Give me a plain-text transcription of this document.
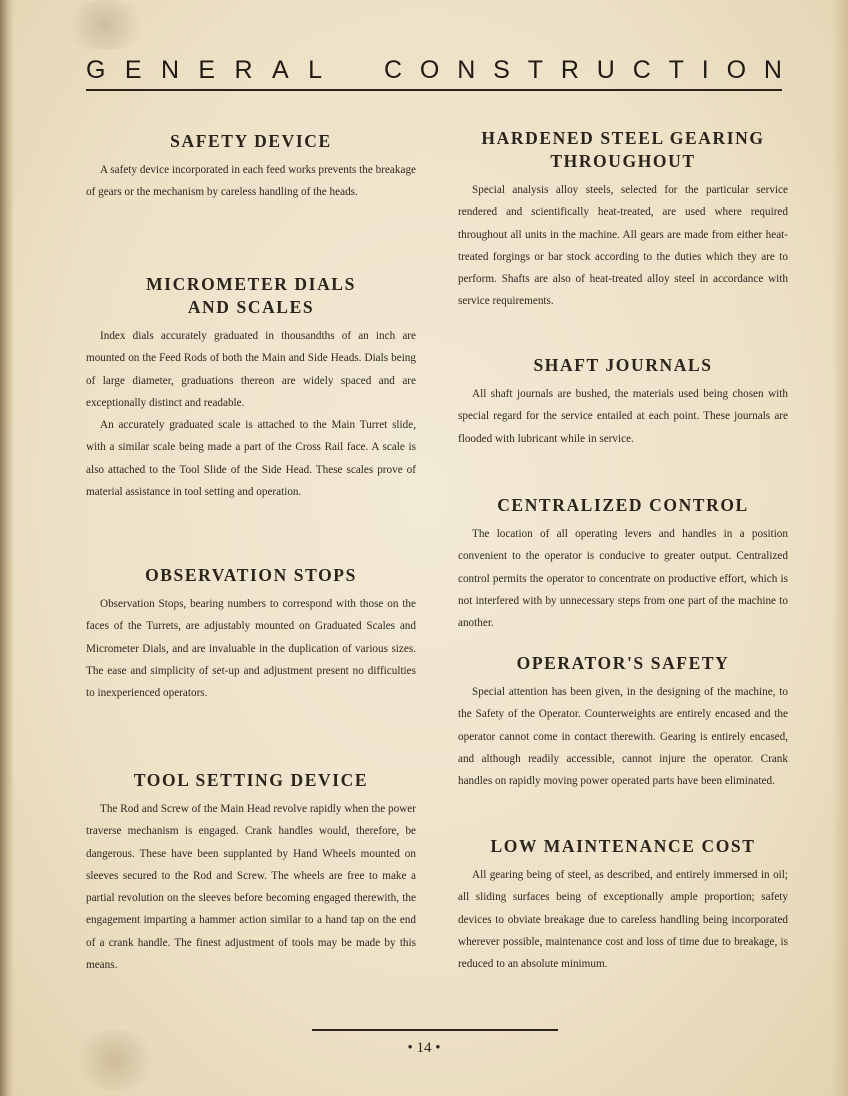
G E N E R A L C O N S T R U C T I O N
SAFETY DEVICE

A safety device incorporated in each feed works prevents the breakage of gears or the mechanism by careless handling of the heads.

MICROMETER DIALS
AND SCALES

Index dials accurately graduated in thousandths of an inch are mounted on the Feed Rods of both the Main and Side Heads. Dials being of large diameter, graduations thereon are widely spaced and are exceptionally distinct and readable.

An accurately graduated scale is attached to the Main Turret slide, with a similar scale being made a part of the Cross Rail face. A scale is also attached to the Tool Slide of the Side Head. These scales prove of material assistance in tool setting and operation.

OBSERVATION STOPS

Observation Stops, bearing numbers to correspond with those on the faces of the Turrets, are adjustably mounted on Graduated Scales and Micrometer Dials, and are invaluable in the duplication of various sizes. The ease and simplicity of set-up and adjustment present no difficulties to inexperienced operators.

TOOL SETTING DEVICE

The Rod and Screw of the Main Head revolve rapidly when the power traverse mechanism is engaged. Crank handles would, therefore, be dangerous. These have been supplanted by Hand Wheels mounted on sleeves secured to the Rod and Screw. The wheels are free to make a partial revolution on the sleeves before becoming engaged therewith, the engagement imparting a hammer action similar to a hand tap on the end of a crank handle. The finest adjustment of tools may be made by this means.

HARDENED STEEL GEARING
THROUGHOUT

Special analysis alloy steels, selected for the particular service rendered and scientifically heat-treated, are used where required throughout all units in the machine. All gears are made from either heat-treated forgings or bar stock according to the duties which they are to perform. Shafts are also of heat-treated alloy steel in accordance with service requirements.

SHAFT JOURNALS

All shaft journals are bushed, the materials used being chosen with special regard for the service entailed at each point. These journals are flooded with lubricant while in service.

CENTRALIZED CONTROL

The location of all operating levers and handles in a position convenient to the operator is conducive to greater output. Centralized control permits the operator to concentrate on productive effort, which is not interfered with by unnecessary steps from one part of the machine to another.

OPERATOR'S SAFETY

Special attention has been given, in the designing of the machine, to the Safety of the Operator. Counterweights are entirely encased and the operator cannot come in contact therewith. Gearing is entirely encased, and although readily accessible, cannot injure the operator. Crank handles on rapidly moving power operated parts have been eliminated.

LOW MAINTENANCE COST

All gearing being of steel, as described, and entirely immersed in oil; all sliding surfaces being of exceptionally ample proportion; safety devices to obviate breakage due to careless handling being incorporated wherever possible, maintenance cost and loss of time due to breakage, is reduced to an absolute minimum.

• 14 •
